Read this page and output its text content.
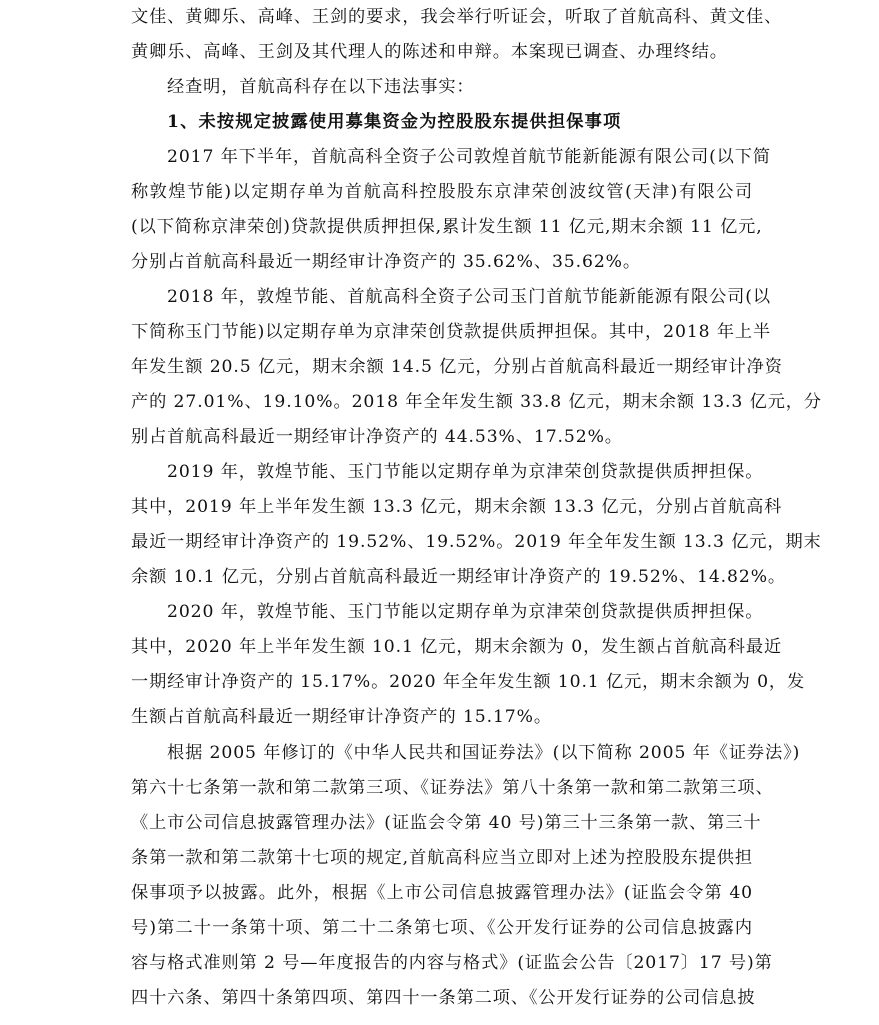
文佳、黄卿乐、高峰、王剑的要求，我会举行听证会，听取了首航高科、黄文佳、
黄卿乐、高峰、王剑及其代理人的陈述和申辩。本案现已调查、办理终结。
经查明，首航高科存在以下违法事实：
1、未按规定披露使用募集资金为控股股东提供担保事项
2017 年下半年，首航高科全资子公司敦煌首航节能新能源有限公司(以下简
称敦煌节能)以定期存单为首航高科控股股东京津荣创波纹管(天津)有限公司
(以下简称京津荣创)贷款提供质押担保,累计发生额 11 亿元,期末余额 11 亿元,
分别占首航高科最近一期经审计净资产的 35.62%、35.62%。
2018 年，敦煌节能、首航高科全资子公司玉门首航节能新能源有限公司(以
下简称玉门节能)以定期存单为京津荣创贷款提供质押担保。其中，2018 年上半
年发生额 20.5 亿元，期末余额 14.5 亿元，分别占首航高科最近一期经审计净资
产的 27.01%、19.10%。2018 年全年发生额 33.8 亿元，期末余额 13.3 亿元，分
别占首航高科最近一期经审计净资产的 44.53%、17.52%。
2019 年，敦煌节能、玉门节能以定期存单为京津荣创贷款提供质押担保。
其中，2019 年上半年发生额 13.3 亿元，期末余额 13.3 亿元，分别占首航高科
最近一期经审计净资产的 19.52%、19.52%。2019 年全年发生额 13.3 亿元，期末
余额 10.1 亿元，分别占首航高科最近一期经审计净资产的 19.52%、14.82%。
2020 年，敦煌节能、玉门节能以定期存单为京津荣创贷款提供质押担保。
其中，2020 年上半年发生额 10.1 亿元，期末余额为 0，发生额占首航高科最近
一期经审计净资产的 15.17%。2020 年全年发生额 10.1 亿元，期末余额为 0，发
生额占首航高科最近一期经审计净资产的 15.17%。
根据 2005 年修订的《中华人民共和国证券法》(以下简称 2005 年《证券法》)
第六十七条第一款和第二款第三项、《证券法》第八十条第一款和第二款第三项、
《上市公司信息披露管理办法》(证监会令第 40 号)第三十三条第一款、第三十
条第一款和第二款第十七项的规定,首航高科应当立即对上述为控股股东提供担
保事项予以披露。此外，根据《上市公司信息披露管理办法》(证监会令第 40
号)第二十一条第十项、第二十二条第七项、《公开发行证券的公司信息披露内
容与格式准则第 2 号—年度报告的内容与格式》(证监会公告〔2017〕17 号)第
四十六条、第四十条第四项、第四十一条第二项、《公开发行证券的公司信息披
